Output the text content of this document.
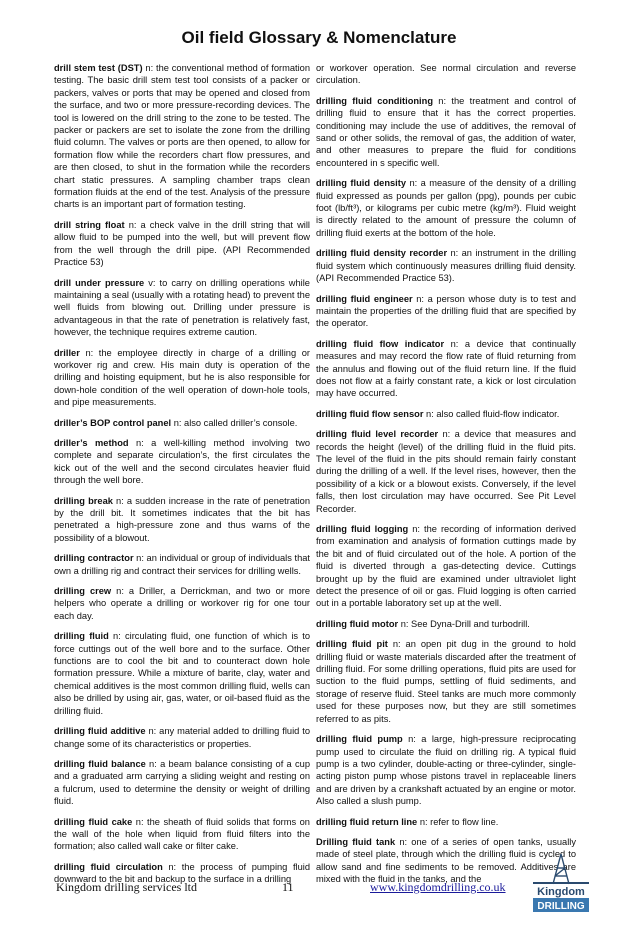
Oil field Glossary & Nomenclature

drill stem test (DST) n: the conventional method of formation testing. The basic drill stem test tool consists of a packer or packers, valves or ports that may be opened and closed from the surface, and two or more pressure-recording devices. The tool is lowered on the drill string to the zone to be tested. The packer or packers are set to isolate the zone from the drilling fluid column. The valves or ports are then opened, to allow for formation flow while the recorders chart flow pressures, and are then closed, to shut in the formation while the recorders chart static pressures. A sampling chamber traps clean formation fluids at the end of the test. Analysis of the pressure charts is an important part of formation testing.

drill string float n: a check valve in the drill string that will allow fluid to be pumped into the well, but will prevent flow from the well through the drill pipe. (API Recommended Practice 53)

drill under pressure v: to carry on drilling operations while maintaining a seal (usually with a rotating head) to prevent the well fluids from blowing out. Drilling under pressure is advantageous in that the rate of penetration is relatively fast, however, the technique requires extreme caution.

driller n: the employee directly in charge of a drilling or workover rig and crew. His main duty is operation of the drilling and hoisting equipment, but he is also responsible for down-hole condition of the well operation of down-hole tools, and pipe measurements.

driller’s BOP control panel n: also called driller’s console.

driller’s method n: a well-killing method involving two complete and separate circulation’s, the first circulates the kick out of the well and the second circulates heavier fluid through the well bore.

drilling break n: a sudden increase in the rate of penetration by the drill bit. It sometimes indicates that the bit has penetrated a high-pressure zone and thus warns of the possibility of a blowout.

drilling contractor n: an individual or group of individuals that own a drilling rig and contract their services for drilling wells.

drilling crew n: a Driller, a Derrickman, and two or more helpers who operate a drilling or workover rig for one tour each day.

drilling fluid n: circulating fluid, one function of which is to force cuttings out of the well bore and to the surface. Other functions are to cool the bit and to counteract down hole formation pressure. While a mixture of barite, clay, water and chemical additives is the most common drilling fluid, wells can also be drilled by using air, gas, water, or oil-based fluid as the drilling fluid.

drilling fluid additive n: any material added to drilling fluid to change some of its characteristics or properties.

drilling fluid balance n: a beam balance consisting of a cup and a graduated arm carrying a sliding weight and resting on a fulcrum, used to determine the density or weight of drilling fluid.

drilling fluid cake n: the sheath of fluid solids that forms on the wall of the hole when liquid from fluid filters into the formation; also called wall cake or filter cake.

drilling fluid circulation n: the process of pumping fluid downward to the bit and backup to the surface in a drilling

or workover operation. See normal circulation and reverse circulation.

drilling fluid conditioning n: the treatment and control of drilling fluid to ensure that it has the correct properties. conditioning may include the use of additives, the removal of sand or other solids, the removal of gas, the addition of water, and other measures to prepare the fluid for conditions encountered in s specific well.

drilling fluid density n: a measure of the density of a drilling fluid expressed as pounds per gallon (ppg), pounds per cubic foot (lb/ft³), or kilograms per cubic metre (kg/m³). Fluid weight is directly related to the amount of pressure the column of drilling fluid exerts at the bottom of the hole.

drilling fluid density recorder n: an instrument in the drilling fluid system which continuously measures drilling fluid density. (API Recommended Practice 53).

drilling fluid engineer n: a person whose duty is to test and maintain the properties of the drilling fluid that are specified by the operator.

drilling fluid flow indicator n: a device that continually measures and may record the flow rate of fluid returning from the annulus and flowing out of the fluid return line. If the fluid does not flow at a fairly constant rate, a kick or lost circulation may have occurred.

drilling fluid flow sensor n: also called fluid-flow indicator.

drilling fluid level recorder n: a device that measures and records the height (level) of the drilling fluid in the fluid pits. The level of the fluid in the pits should remain fairly constant during the drilling of a well. If the level rises, however, then the possibility of a kick or a blowout exists. Conversely, if the level falls, then lost circulation may have occurred. See Pit Level Recorder.

drilling fluid logging n: the recording of information derived from examination and analysis of formation cuttings made by the bit and of fluid circulated out of the hole. A portion of the fluid is diverted through a gas-detecting device. Cuttings brought up by the fluid are examined under ultraviolet light detect the presence of oil or gas. Fluid logging is often carried out in a portable laboratory set up at the well.

drilling fluid motor n: See Dyna-Drill and turbodrill.

drilling fluid pit n: an open pit dug in the ground to hold drilling fluid or waste materials discarded after the treatment of drilling fluid. For some drilling operations, fluid pits are used for suction to the fluid pumps, settling of fluid sediments, and storage of reserve fluid. Steel tanks are much more commonly used for these purposes now, but they are still sometimes referred to as pits.

drilling fluid pump n: a large, high-pressure reciprocating pump used to circulate the fluid on drilling rig. A typical fluid pump is a two cylinder, double-acting or three-cylinder, single-acting piston pump whose pistons travel in replaceable liners and are driven by a crankshaft actuated by an engine or motor. Also called a slush pump.

drilling fluid return line n: refer to flow line.

Drilling fluid tank n: one of a series of open tanks, usually made of steel plate, through which the drilling fluid is cycled to allow sand and fine sediments to be removed. Additives are mixed with the fluid in the tanks, and the

Kingdom drilling services ltd	11	www.kingdomdrilling.co.uk	Kingdom
DRILLING
